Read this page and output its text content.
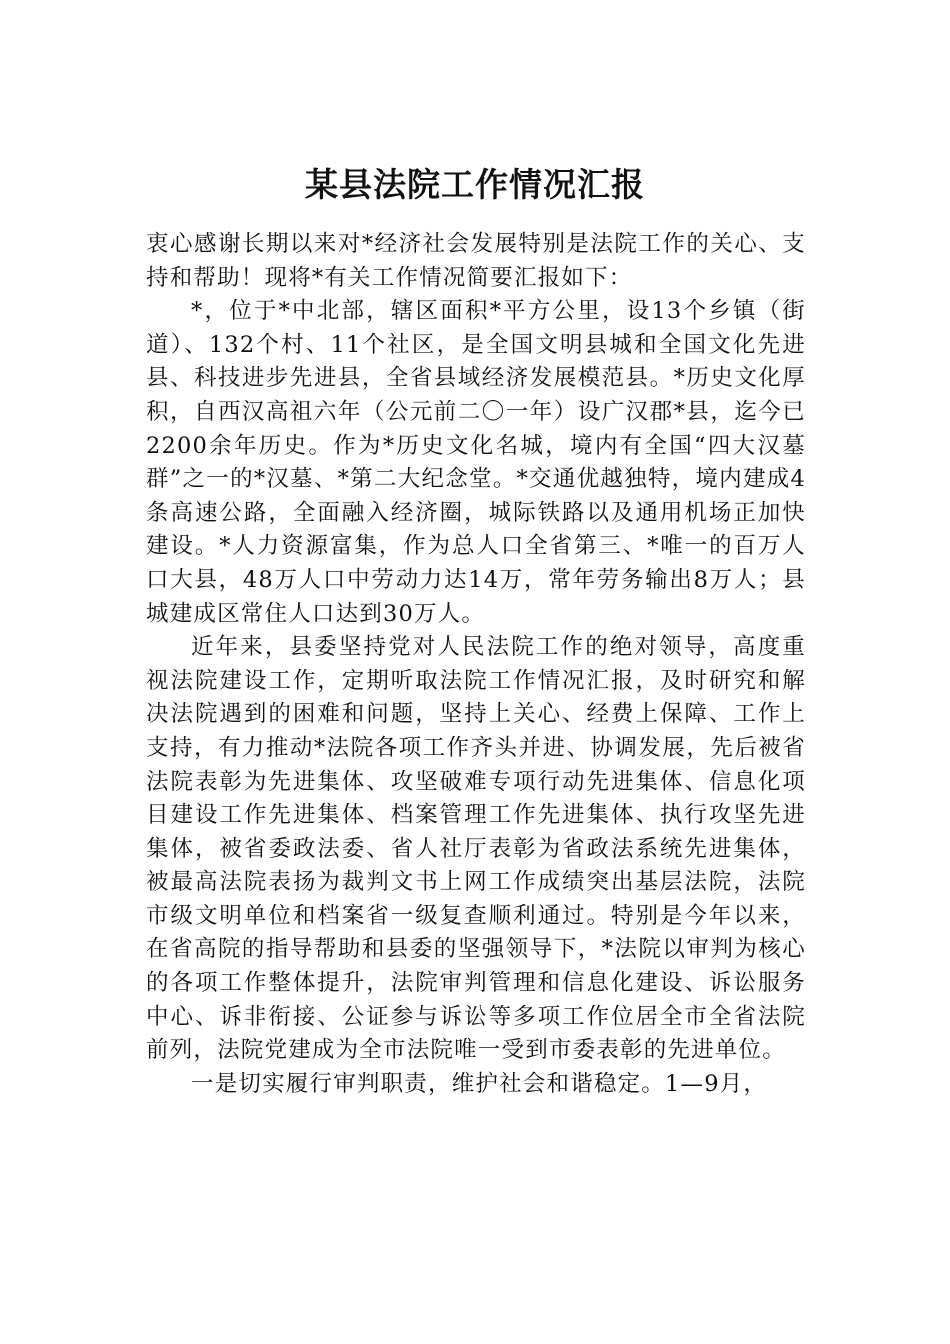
某县法院工作情况汇报

衷心感谢长期以来对*经济社会发展特别是法院工作的关心、支持和帮助！现将*有关工作情况简要汇报如下：

*，位于*中北部，辖区面积*平方公里，设13个乡镇（街道）、132个村、11个社区，是全国文明县城和全国文化先进县、科技进步先进县，全省县域经济发展模范县。*历史文化厚积，自西汉高祖六年（公元前二〇一年）设广汉郡*县，迄今已2200余年历史。作为*历史文化名城，境内有全国“四大汉墓群”之一的*汉墓、*第二大纪念堂。*交通优越独特，境内建成4条高速公路，全面融入经济圈，城际铁路以及通用机场正加快建设。*人力资源富集，作为总人口全省第三、*唯一的百万人口大县，48万人口中劳动力达14万，常年劳务输出8万人；县城建成区常住人口达到30万人。

近年来，县委坚持党对人民法院工作的绝对领导，高度重视法院建设工作，定期听取法院工作情况汇报，及时研究和解决法院遇到的困难和问题，坚持上关心、经费上保障、工作上支持，有力推动*法院各项工作齐头并进、协调发展，先后被省法院表彰为先进集体、攻坚破难专项行动先进集体、信息化项目建设工作先进集体、档案管理工作先进集体、执行攻坚先进集体，被省委政法委、省人社厅表彰为省政法系统先进集体，被最高法院表扬为裁判文书上网工作成绩突出基层法院，法院市级文明单位和档案省一级复查顺利通过。特别是今年以来，在省高院的指导帮助和县委的坚强领导下，*法院以审判为核心的各项工作整体提升，法院审判管理和信息化建设、诉讼服务中心、诉非衔接、公证参与诉讼等多项工作位居全市全省法院前列，法院党建成为全市法院唯一受到市委表彰的先进单位。

一是切实履行审判职责，维护社会和谐稳定。1—9月，
